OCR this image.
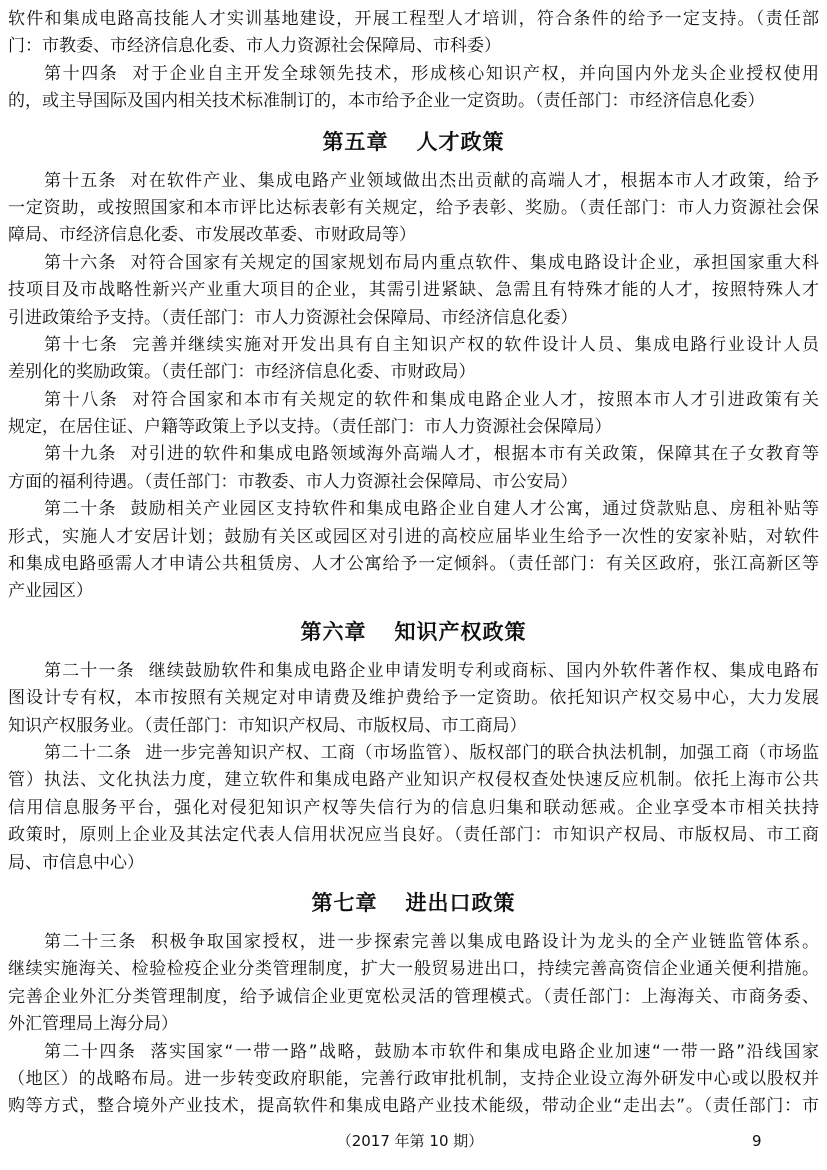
软件和集成电路高技能人才实训基地建设，开展工程型人才培训，符合条件的给予一定支持。（责任部
门：市教委、市经济信息化委、市人力资源社会保障局、市科委）
第十四条 对于企业自主开发全球领先技术，形成核心知识产权，并向国内外龙头企业授权使用
的，或主导国际及国内相关技术标准制订的，本市给予企业一定资助。（责任部门：市经济信息化委）
第五章 人才政策
第十五条 对在软件产业、集成电路产业领域做出杰出贡献的高端人才，根据本市人才政策，给予
一定资助，或按照国家和本市评比达标表彰有关规定，给予表彰、奖励。（责任部门：市人力资源社会保
障局、市经济信息化委、市发展改革委、市财政局等）
第十六条 对符合国家有关规定的国家规划布局内重点软件、集成电路设计企业，承担国家重大科
技项目及市战略性新兴产业重大项目的企业，其需引进紧缺、急需且有特殊才能的人才，按照特殊人才
引进政策给予支持。（责任部门：市人力资源社会保障局、市经济信息化委）
第十七条 完善并继续实施对开发出具有自主知识产权的软件设计人员、集成电路行业设计人员
差别化的奖励政策。（责任部门：市经济信息化委、市财政局）
第十八条 对符合国家和本市有关规定的软件和集成电路企业人才，按照本市人才引进政策有关
规定，在居住证、户籍等政策上予以支持。（责任部门：市人力资源社会保障局）
第十九条 对引进的软件和集成电路领域海外高端人才，根据本市有关政策，保障其在子女教育等
方面的福利待遇。（责任部门：市教委、市人力资源社会保障局、市公安局）
第二十条 鼓励相关产业园区支持软件和集成电路企业自建人才公寓，通过贷款贴息、房租补贴等
形式，实施人才安居计划；鼓励有关区或园区对引进的高校应届毕业生给予一次性的安家补贴，对软件
和集成电路亟需人才申请公共租赁房、人才公寓给予一定倾斜。（责任部门：有关区政府，张江高新区等
产业园区）
第六章 知识产权政策
第二十一条 继续鼓励软件和集成电路企业申请发明专利或商标、国内外软件著作权、集成电路布
图设计专有权，本市按照有关规定对申请费及维护费给予一定资助。依托知识产权交易中心，大力发展
知识产权服务业。（责任部门：市知识产权局、市版权局、市工商局）
第二十二条 进一步完善知识产权、工商（市场监管）、版权部门的联合执法机制，加强工商（市场监
管）执法、文化执法力度，建立软件和集成电路产业知识产权侵权查处快速反应机制。依托上海市公共
信用信息服务平台，强化对侵犯知识产权等失信行为的信息归集和联动惩戒。企业享受本市相关扶持
政策时，原则上企业及其法定代表人信用状况应当良好。（责任部门：市知识产权局、市版权局、市工商
局、市信息中心）
第七章 进出口政策
第二十三条 积极争取国家授权，进一步探索完善以集成电路设计为龙头的全产业链监管体系。
继续实施海关、检验检疫企业分类管理制度，扩大一般贸易进出口，持续完善高资信企业通关便利措施。
完善企业外汇分类管理制度，给予诚信企业更宽松灵活的管理模式。（责任部门：上海海关、市商务委、
外汇管理局上海分局）
第二十四条 落实国家“一带一路”战略，鼓励本市软件和集成电路企业加速“一带一路”沿线国家
（地区）的战略布局。进一步转变政府职能，完善行政审批机制，支持企业设立海外研发中心或以股权并
购等方式，整合境外产业技术，提高软件和集成电路产业技术能级，带动企业“走出去”。（责任部门：市
（2017 年第 10 期）	9
